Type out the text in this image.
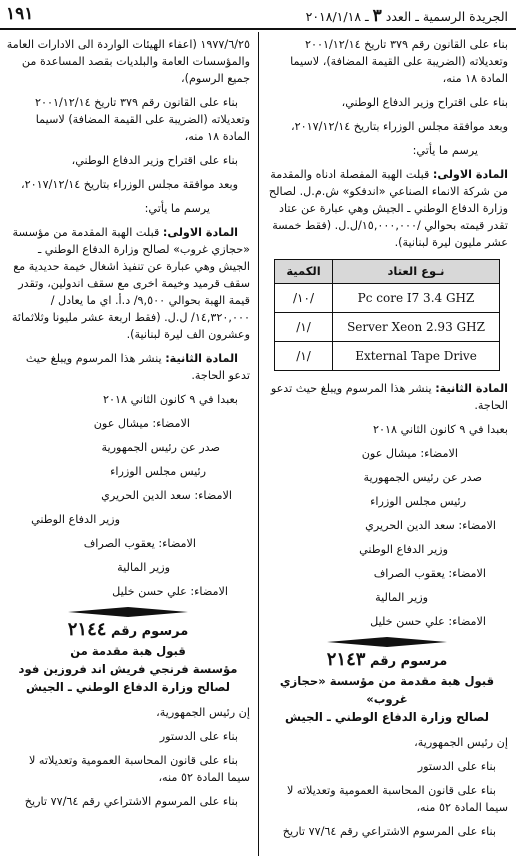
١٩١	الجريدة الرسمية ـ العدد ٣ ـ ٢٠١٨/١/١٨

بناء على القانون رقم ٣٧٩ تاريخ ٢٠٠١/١٢/١٤ وتعديلاته (الضريبة على القيمة المضافة)، لاسيما المادة ١٨ منه،

بناء على اقتراح وزير الدفاع الوطني،

وبعد موافقة مجلس الوزراء بتاريخ ٢٠١٧/١٢/١٤،

يرسم ما يأتي:

المادة الاولى: قبلت الهبة المفصلة ادناه والمقدمة من شركة الانماء الصناعي «اندفكو» ش.م.ل. لصالح وزارة الدفاع الوطني ـ الجيش وهي عبارة عن عتاد تقدر قيمته بحوالي /١٥,٠٠٠,٠٠٠/ل.ل. (فقط خمسة عشر مليون ليرة لبنانية).

نـوع العتاد	الكمية
Pc core I7 3.4 GHZ	/١٠/
Server Xeon 2.93 GHZ	/١/
External Tape Drive	/١/

المادة الثانية: ينشر هذا المرسوم ويبلغ حيث تدعو الحاجة.

بعبدا في ٩ كانون الثاني ٢٠١٨

الامضاء: ميشال عون

صدر عن رئيس الجمهورية

رئيس مجلس الوزراء

الامضاء: سعد الدين الحريري

وزير الدفاع الوطني

الامضاء: يعقوب الصراف

وزير المالية

الامضاء: علي حسن خليل

مرسوم رقم ٢١٤٣
قبول هبة مقدمة من مؤسسة «حجازي غروب»
لصالح وزارة الدفاع الوطني ـ الجيش

إن رئيس الجمهورية،

بناء على الدستور

بناء على قانون المحاسبة العمومية وتعديلاته لا سيما المادة ٥٢ منه،

بناء على المرسوم الاشتراعي رقم ٧٧/٦٤ تاريخ

١٩٧٧/٦/٢٥ (اعفاء الهيئات الواردة الى الادارات العامة والمؤسسات العامة والبلديات بقصد المساعدة من جميع الرسوم)،

بناء على القانون رقم ٣٧٩ تاريخ ٢٠٠١/١٢/١٤ وتعديلاته (الضريبة على القيمة المضافة) لاسيما المادة ١٨ منه،

بناء على اقتراح وزير الدفاع الوطني،

وبعد موافقة مجلس الوزراء بتاريخ ٢٠١٧/١٢/١٤،

يرسم ما يأتي:

المادة الاولى: قبلت الهبة المقدمة من مؤسسة «حجازي غروب» لصالح وزارة الدفاع الوطني ـ الجيش وهي عبارة عن تنفيذ اشغال خيمة حديدية مع سقف قرميد وخيمة اخرى مع سقف اندولين، وتقدر قيمة الهبة بحوالي ٩,٥٠٠/ د.أ. اي ما يعادل /١٤,٣٢٠,٠٠٠/ ل.ل. (فقط اربعة عشر مليونا وثلاثمائة وعشرون الف ليرة لبنانية).

المادة الثانية: ينشر هذا المرسوم ويبلغ حيث تدعو الحاجة.

بعبدا في ٩ كانون الثاني ٢٠١٨

الامضاء: ميشال عون

صدر عن رئيس الجمهورية

رئيس مجلس الوزراء

الامضاء: سعد الدين الحريري

وزير الدفاع الوطني

الامضاء: يعقوب الصراف

وزير المالية

الامضاء: علي حسن خليل

مرسوم رقم ٢١٤٤
قبول هبة مقدمة من
مؤسسة فرنجي فريش اند فروزين فود
لصالح وزارة الدفاع الوطني ـ الجيش

إن رئيس الجمهورية،

بناء على الدستور

بناء على قانون المحاسبة العمومية وتعديلاته لا سيما المادة ٥٢ منه،

بناء على المرسوم الاشتراعي رقم ٧٧/٦٤ تاريخ
